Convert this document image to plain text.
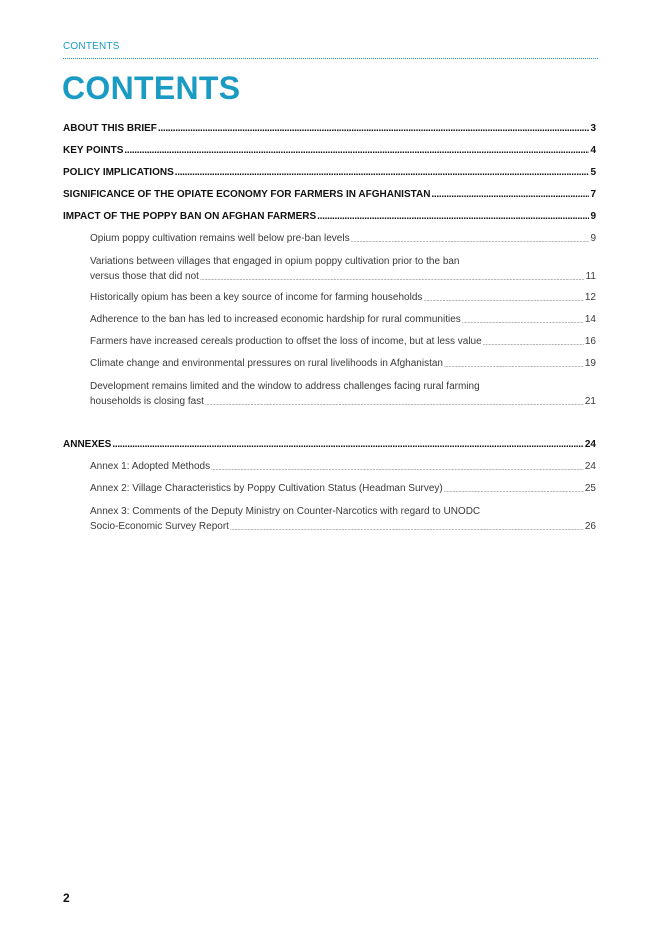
CONTENTS
CONTENTS
ABOUT THIS BRIEF .....	3
KEY POINTS .....	4
POLICY IMPLICATIONS .....	5
SIGNIFICANCE OF THE OPIATE ECONOMY FOR FARMERS IN AFGHANISTAN .....	7
IMPACT OF THE POPPY BAN ON AFGHAN FARMERS .....	9
Opium poppy cultivation remains well below pre-ban levels .....	9
Variations between villages that engaged in opium poppy cultivation prior to the ban
versus those that did not .....	11
Historically opium has been a key source of income for farming households .....	12
Adherence to the ban has led to increased economic hardship for rural communities .....	14
Farmers have increased cereals production to offset the loss of income, but at less value .....	16
Climate change and environmental pressures on rural livelihoods in Afghanistan .....	19
Development remains limited and the window to address challenges facing rural farming
households is closing fast .....	21
ANNEXES .....	24
Annex 1: Adopted Methods .....	24
Annex 2: Village Characteristics by Poppy Cultivation Status (Headman Survey) .....	25
Annex 3: Comments of the Deputy Ministry on Counter-Narcotics with regard to UNODC
Socio-Economic Survey Report .....	26
2
